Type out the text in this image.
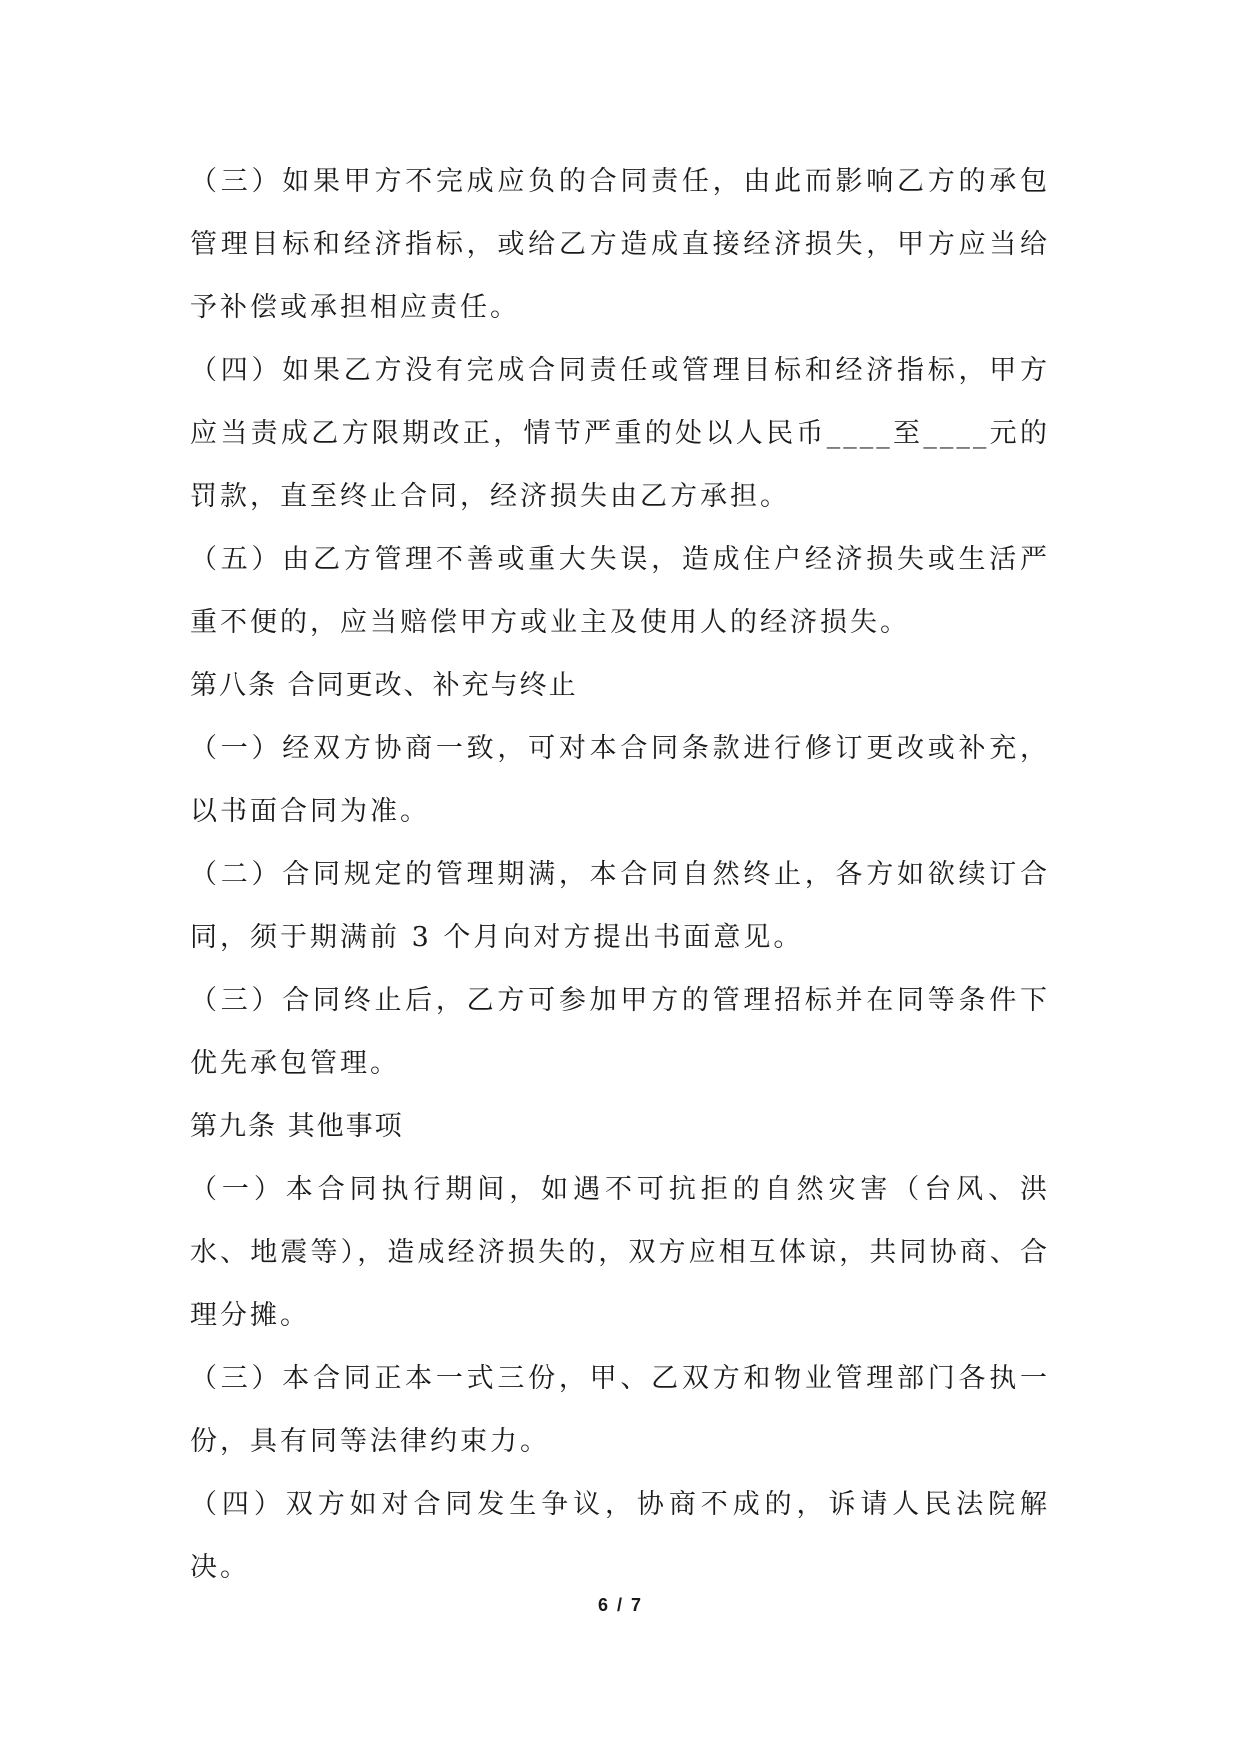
（三）如果甲方不完成应负的合同责任，由此而影响乙方的承包管理目标和经济指标，或给乙方造成直接经济损失，甲方应当给予补偿或承担相应责任。

（四）如果乙方没有完成合同责任或管理目标和经济指标，甲方应当责成乙方限期改正，情节严重的处以人民币____至____元的罚款，直至终止合同，经济损失由乙方承担。

（五）由乙方管理不善或重大失误，造成住户经济损失或生活严重不便的，应当赔偿甲方或业主及使用人的经济损失。

第八条 合同更改、补充与终止

（一）经双方协商一致，可对本合同条款进行修订更改或补充，以书面合同为准。

（二）合同规定的管理期满，本合同自然终止，各方如欲续订合同，须于期满前 3 个月向对方提出书面意见。

（三）合同终止后，乙方可参加甲方的管理招标并在同等条件下优先承包管理。

第九条 其他事项

（一）本合同执行期间，如遇不可抗拒的自然灾害（台风、洪水、地震等），造成经济损失的，双方应相互体谅，共同协商、合理分摊。

（三）本合同正本一式三份，甲、乙双方和物业管理部门各执一份，具有同等法律约束力。

（四）双方如对合同发生争议，协商不成的，诉请人民法院解决。

6 / 7
